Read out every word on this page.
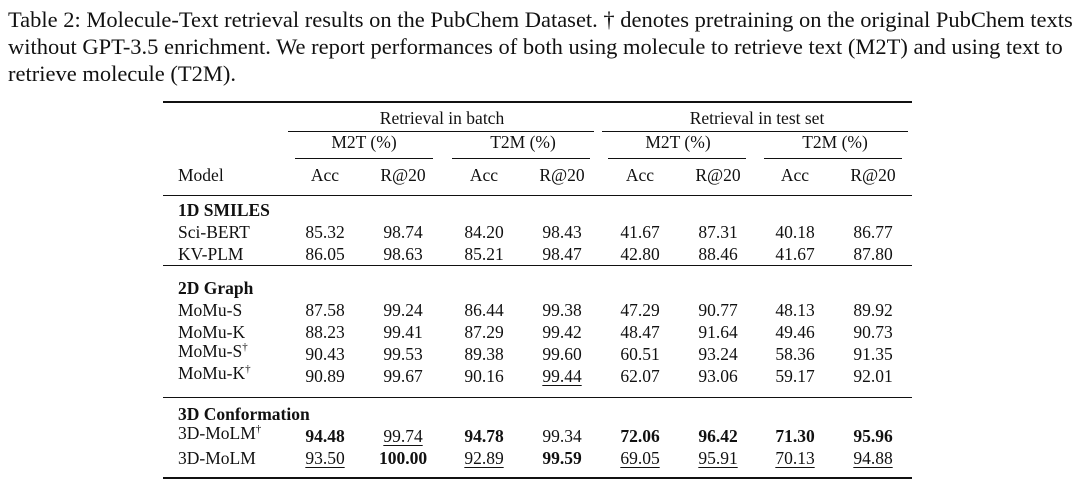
Table 2: Molecule-Text retrieval results on the PubChem Dataset. † denotes pretraining on the original PubChem texts without GPT-3.5 enrichment. We report performances of both using molecule to retrieve text (M2T) and using text to retrieve molecule (T2M).

Retrieval in batch	Retrieval in test set
M2T (%)	T2M (%)	M2T (%)	T2M (%)
Model	Acc R@20	Acc R@20 Acc R@20 Acc R@20
1D SMILES
Sci-BERT	85.32 98.74 84.20 98.43 41.67 87.31 40.18 86.77
KV-PLM	86.05 98.63 85.21 98.47 42.80 88.46 41.67 87.80
2D Graph
MoMu-S	87.58 99.24 86.44 99.38 47.29 90.77 48.13 89.92
MoMu-K	88.23 99.41 87.29 99.42 48.47 91.64 49.46 90.73
MoMu-S†	90.43 99.53 89.38 99.60 60.51 93.24 58.36 91.35
MoMu-K†	90.89 99.67 90.16 99.44 62.07 93.06 59.17 92.01
3D Conformation
3D-MoLM†	94.48 99.74 94.78 99.34 72.06 96.42 71.30 95.96
3D-MoLM	93.50 100.00 92.89 99.59 69.05 95.91 70.13 94.88
